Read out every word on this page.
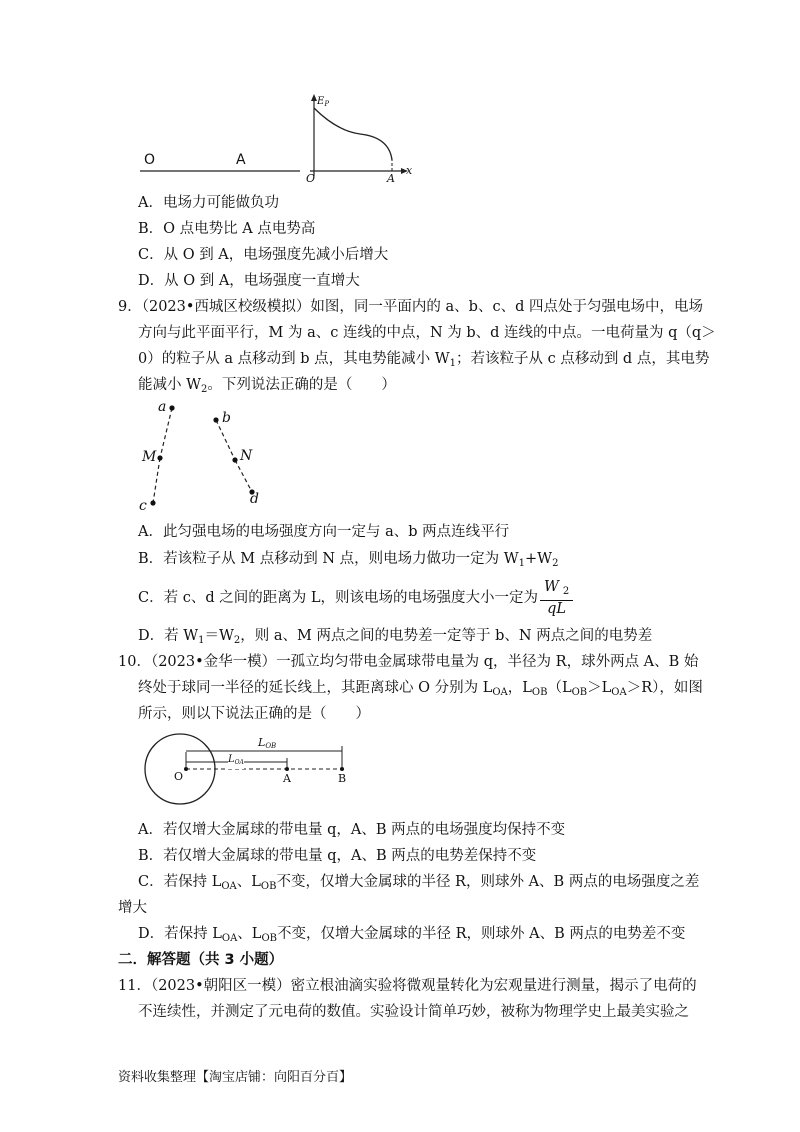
O	A
$E_P$
x
O	A
A．电场力可能做负功
B．O 点电势比 A 点电势高
C．从 O 到 A，电场强度先减小后增大
D．从 O 到 A，电场强度一直增大
9．（2023•西城区校级模拟）如图，同一平面内的 a、b、c、d 四点处于匀强电场中，电场
方向与此平面平行，M 为 a、c 连线的中点，N 为 b、d 连线的中点。一电荷量为 q（q＞
0）的粒子从 a 点移动到 b 点，其电势能减小 $W_1$；若该粒子从 c 点移动到 d 点，其电势
能减小 $W_2$。下列说法正确的是（　　）
a
b
M	N
c	d
A．此匀强电场的电场强度方向一定与 a、b 两点连线平行
B．若该粒子从 M 点移动到 N 点，则电场力做功一定为 $W_1+W_2$
C．若 c、d 之间的距离为 L，则该电场的电场强度大小一定为 $\frac{W _2}{qL}$
D．若 $W_1=W_2$，则 a、M 两点之间的电势差一定等于 b、N 两点之间的电势差
10．（2023•金华一模）一孤立均匀带电金属球带电量为 q，半径为 R，球外两点 A、B 始
终处于球同一半径的延长线上，其距离球心 O 分别为 $L_{OA}$，$L_{OB}(L_{OB}>L_{OA}>R)$，如图
所示，则以下说法正确的是（　　）
O	A	B
LOB
$L_{OA}$
A．若仅增大金属球的带电量 q，A、B 两点的电场强度均保持不变
B．若仅增大金属球的带电量 q，A、B 两点的电势差保持不变
C．若保持 $L_{OA}$、$L_{OB}$不变，仅增大金属球的半径 R，则球外 A、B 两点的电场强度之差
增大
D．若保持 $L_{OA}$、$L_{OB}$不变，仅增大金属球的半径 R，则球外 A、B 两点的电势差不变
二．解答题（共 3 小题）
11．（2023•朝阳区一模）密立根油滴实验将微观量转化为宏观量进行测量，揭示了电荷的
不连续性，并测定了元电荷的数值。实验设计简单巧妙，被称为物理学史上最美实验之
资料收集整理【淘宝店铺：向阳百分百】
